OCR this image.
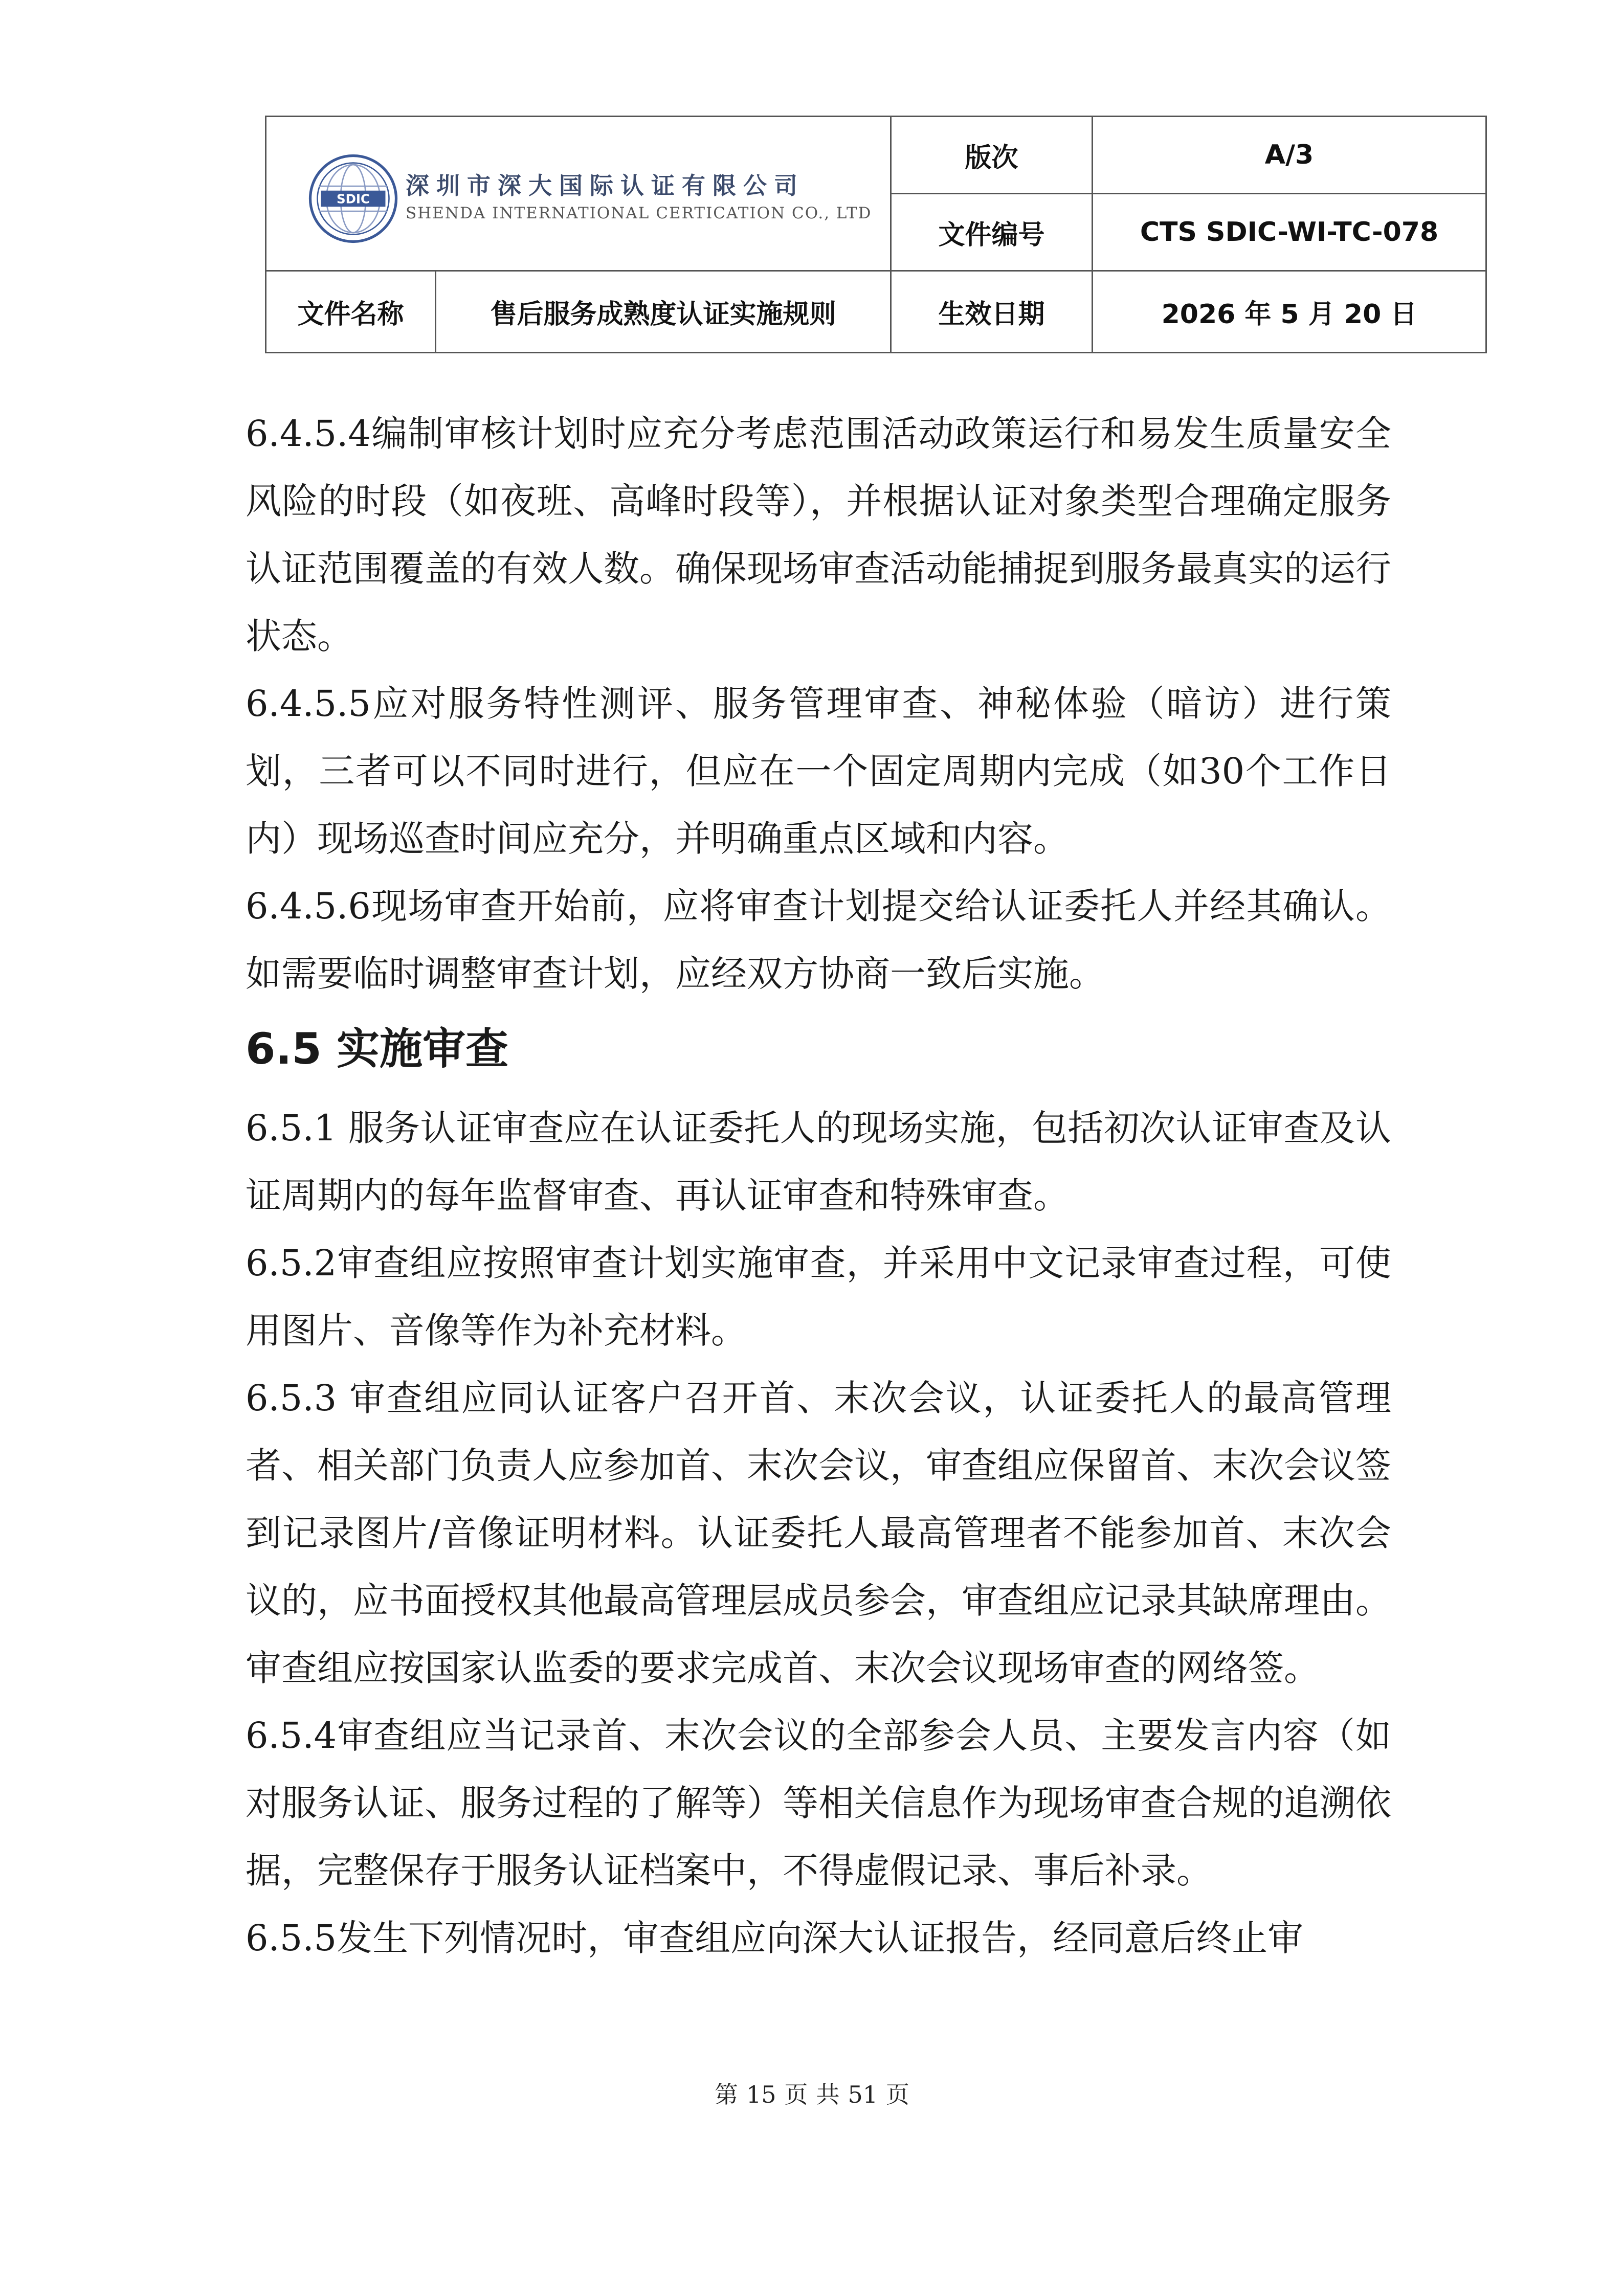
SDIC 深圳市深大国际认证有限公司
SHENDA INTERNATIONAL CERTICATION CO., LTD		版次	A/3
		文件编号	CTS SDIC-WI-TC-078
文件名称	售后服务成熟度认证实施规则	生效日期	2026 年 5 月 20 日

6.4.5.4编制审核计划时应充分考虑范围活动政策运行和易发生质量安全风险的时段（如夜班、高峰时段等），并根据认证对象类型合理确定服务认证范围覆盖的有效人数。确保现场审查活动能捕捉到服务最真实的运行状态。

6.4.5.5应对服务特性测评、服务管理审查、神秘体验（暗访）进行策划，三者可以不同时进行，但应在一个固定周期内完成（如30个工作日内）现场巡查时间应充分，并明确重点区域和内容。

6.4.5.6现场审查开始前，应将审查计划提交给认证委托人并经其确认。如需要临时调整审查计划，应经双方协商一致后实施。

6.5 实施审查

6.5.1 服务认证审查应在认证委托人的现场实施，包括初次认证审查及认证周期内的每年监督审查、再认证审查和特殊审查。

6.5.2审查组应按照审查计划实施审查，并采用中文记录审查过程，可使用图片、音像等作为补充材料。

6.5.3 审查组应同认证客户召开首、末次会议，认证委托人的最高管理者、相关部门负责人应参加首、末次会议，审查组应保留首、末次会议签到记录图片/音像证明材料。认证委托人最高管理者不能参加首、末次会议的，应书面授权其他最高管理层成员参会，审查组应记录其缺席理由。审查组应按国家认监委的要求完成首、末次会议现场审查的网络签。

6.5.4审查组应当记录首、末次会议的全部参会人员、主要发言内容（如对服务认证、服务过程的了解等）等相关信息作为现场审查合规的追溯依据，完整保存于服务认证档案中，不得虚假记录、事后补录。

6.5.5发生下列情况时，审查组应向深大认证报告，经同意后终止审

第 15 页 共 51 页
